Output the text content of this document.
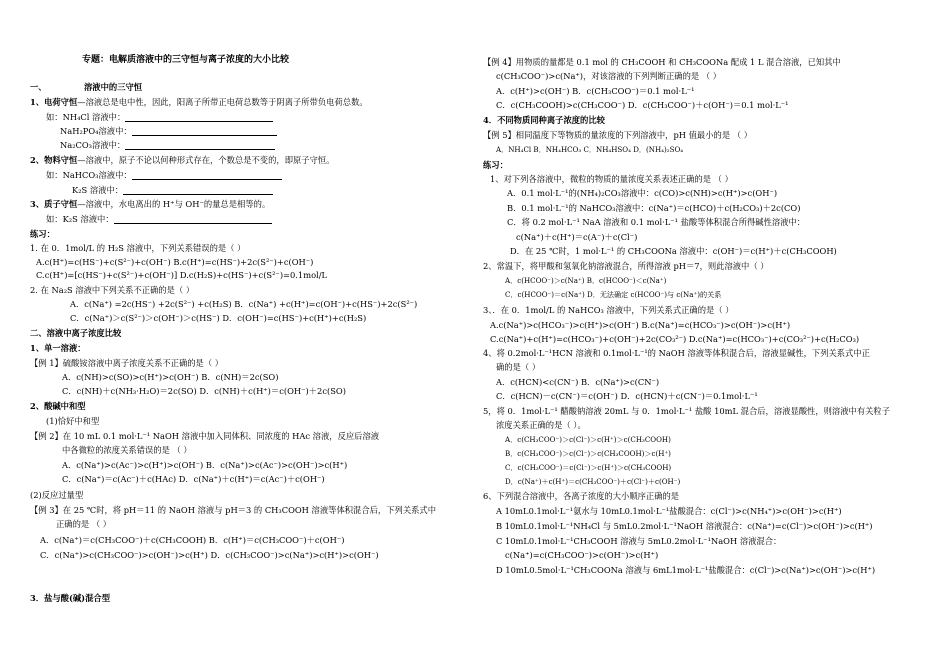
专题：电解质溶液中的三守恒与离子浓度的大小比较
一、	溶液中的三守恒
1、电荷守恒—溶液总是电中性，因此，阳离子所带正电荷总数等于阴离子所带负电荷总数。
如：NH₄Cl 溶液中：
NaH₂PO₄溶液中：
Na₂CO₃溶液中：
2、物料守恒—溶液中，原子不论以何种形式存在，个数总是不变的，即原子守恒。
如：NaHCO₃溶液中：
K₂S 溶液中：
3、质子守恒—溶液中，水电离出的 H⁺与 OH⁻的量总是相等的。
如：K₂S 溶液中：
练习：
1. 在 0．1mol/L 的 H₂S 溶液中，下列关系错误的是（ ）
A.c(H⁺)=c(HS⁻)+c(S²⁻)+c(OH⁻) B.c(H⁺)=c(HS⁻)+2c(S²⁻)+c(OH⁻)
C.c(H⁺)=[c(HS⁻)+c(S²⁻)+c(OH⁻)] D.c(H₂S)+c(HS⁻)+c(S²⁻)=0.1mol/L
2. 在 Na₂S 溶液中下列关系不正确的是（ ）
A．c(Na⁺) =2c(HS⁻) +2c(S²⁻) +c(H₂S) B．c(Na⁺) +c(H⁺)=c(OH⁻)+c(HS⁻)+2c(S²⁻)
C．c(Na⁺)＞c(S²⁻)＞c(OH⁻)＞c(HS⁻) D．c(OH⁻)=c(HS⁻)+c(H⁺)+c(H₂S)
二、溶液中离子浓度比较
1、单一溶液：
【例 1】硫酸铵溶液中离子浓度关系不正确的是（ ）
A．c(NH)>c(SO)>c(H⁺)>c(OH⁻) B．c(NH)＝2c(SO)
C．c(NH)＋c(NH₃·H₂O)＝2c(SO) D．c(NH)＋c(H⁺)＝c(OH⁻)＋2c(SO)
2、酸碱中和型
(1)恰好中和型
【例 2】在 10 mL 0.1 mol·L⁻¹ NaOH 溶液中加入同体积、同浓度的 HAc 溶液，反应后溶液
中各微粒的浓度关系错误的是 （ ）
A．c(Na⁺)>c(Ac⁻)>c(H⁺)>c(OH⁻) B．c(Na⁺)>c(Ac⁻)>c(OH⁻)>c(H⁺)
C．c(Na⁺)＝c(Ac⁻)＋c(HAc) D．c(Na⁺)＋c(H⁺)＝c(Ac⁻)＋c(OH⁻)
(2)反应过量型
【例 3】在 25 ℃时，将 pH＝11 的 NaOH 溶液与 pH＝3 的 CH₃COOH 溶液等体积混合后，下列关系式中
正确的是 （ ）
A．c(Na⁺)＝c(CH₃COO⁻)＋c(CH₃COOH) B．c(H⁺)＝c(CH₃COO⁻)＋c(OH⁻)
C．c(Na⁺)>c(CH₃COO⁻)>c(OH⁻)>c(H⁺) D．c(CH₃COO⁻)>c(Na⁺)>c(H⁺)>c(OH⁻)
3．盐与酸(碱)混合型
【例 4】用物质的量都是 0.1 mol 的 CH₃COOH 和 CH₃COONa 配成 1 L 混合溶液，已知其中
c(CH₃COO⁻)>c(Na⁺)，对该溶液的下列判断正确的是 （ ）
A．c(H⁺)>c(OH⁻) B．c(CH₃COO⁻)＝0.1 mol·L⁻¹
C．c(CH₃COOH)>c(CH₃COO⁻) D．c(CH₃COO⁻)＋c(OH⁻)＝0.1 mol·L⁻¹
4．不同物质同种离子浓度的比较
【例 5】相同温度下等物质的量浓度的下列溶液中，pH 值最小的是 （ ）
A．NH₄Cl B．NH₄HCO₃ C．NH₄HSO₄ D．(NH₄)₂SO₄
练习：
1、对下列各溶液中，微粒的物质的量浓度关系表述正确的是 （ ）
A．0.1 mol·L⁻¹的(NH₄)₂CO₃溶液中：c(CO)>c(NH)>c(H⁺)>c(OH⁻)
B．0.1 mol·L⁻¹的 NaHCO₃溶液中：c(Na⁺)＝c(HCO)＋c(H₂CO₃)＋2c(CO)
C．将 0.2 mol·L⁻¹ NaA 溶液和 0.1 mol·L⁻¹ 盐酸等体积混合所得碱性溶液中：
c(Na⁺)＋c(H⁺)＝c(A⁻)＋c(Cl⁻)
D．在 25 ℃时，1 mol·L⁻¹ 的 CH₃COONa 溶液中：c(OH⁻)＝c(H⁺)＋c(CH₃COOH)
2、常温下，将甲酸和氢氧化钠溶液混合，所得溶液 pH＝7，则此溶液中（ ）
A．c(HCOO⁻)＞c(Na⁺) B．c(HCOO⁻)＜c(Na⁺)
C．c(HCOO⁻)＝c(Na⁺) D．无法确定 c(HCOO⁻)与 c(Na⁺)的关系
3、．在 0．1mol/L 的 NaHCO₃ 溶液中，下列关系式正确的是（ ）
A.c(Na⁺)>c(HCO₃⁻)>c(H⁺)>c(OH⁻) B.c(Na⁺)=c(HCO₃⁻)>c(OH⁻)>c(H⁺)
C.c(Na⁺)+c(H⁺)=c(HCO₃⁻)+c(OH⁻)+2c(CO₃²⁻) D.c(Na⁺)=c(HCO₃⁻)+c(CO₃²⁻)+c(H₂CO₃)
4、将 0.2mol·L⁻¹HCN 溶液和 0.1mol·L⁻¹的 NaOH 溶液等体积混合后，溶液显碱性，下列关系式中正
确的是（ ）
A．c(HCN)<c(CN⁻) B．c(Na⁺)>c(CN⁻)
C．c(HCN)－c(CN⁻)＝c(OH⁻) D．c(HCN)＋c(CN⁻)＝0.1mol·L⁻¹
5，将 0．1mol·L⁻¹ 醋酸钠溶液 20mL 与 0．1mol·L⁻¹ 盐酸 10mL 混合后，溶液显酸性，则溶液中有关粒子
浓度关系正确的是（ ）。
A．c(CH₃COO⁻)＞c(Cl⁻)＞c(H⁺)＞c(CH₃COOH)
B．c(CH₃COO⁻)＞c(Cl⁻)＞c(CH₃COOH)＞c(H⁺)
C．c(CH₃COO⁻)＝c(Cl⁻)＞c(H⁺)＞c(CH₃COOH)
D．c(Na⁺)＋c(H⁺)＝c(CH₃COO⁻)＋c(Cl⁻)＋c(OH⁻)
6、下列混合溶液中，各离子浓度的大小顺序正确的是
A 10mL0.1mol·L⁻¹氨水与 10mL0.1mol·L⁻¹盐酸混合：c(Cl⁻)>c(NH₄⁺)>c(OH⁻)>c(H⁺)
B 10mL0.1mol·L⁻¹NH₄Cl 与 5mL0.2mol·L⁻¹NaOH 溶液混合：c(Na⁺)=c(Cl⁻)>c(OH⁻)>c(H⁺)
C 10mL0.1mol·L⁻¹CH₃COOH 溶液与 5mL0.2mol·L⁻¹NaOH 溶液混合：
c(Na⁺)=c(CH₃COO⁻)>c(OH⁻)>c(H⁺)
D 10mL0.5mol·L⁻¹CH₃COONa 溶液与 6mL1mol·L⁻¹盐酸混合：c(Cl⁻)>c(Na⁺)>c(OH⁻)>c(H⁺)
